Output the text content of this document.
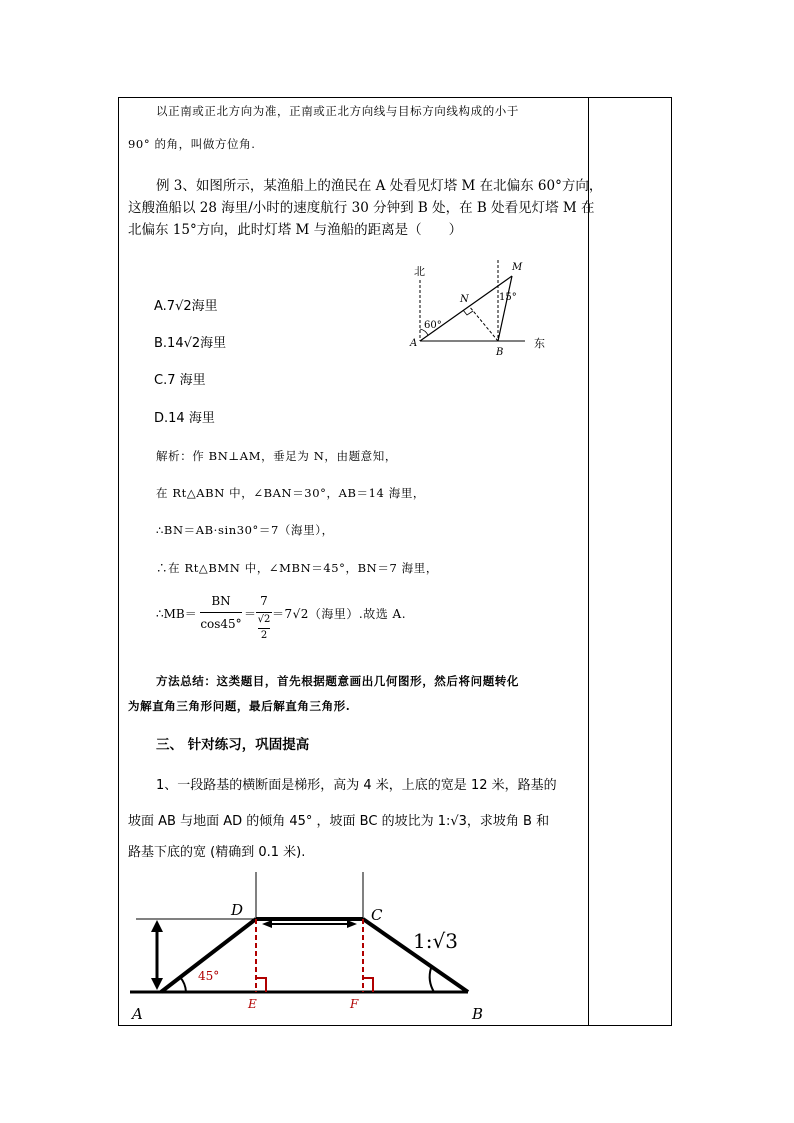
以正南或正北方向为准，正南或正北方向线与目标方向线构成的小于
90° 的角，叫做方位角.
例 3、如图所示，某渔船上的渔民在 A 处看见灯塔 M 在北偏东 60°方向，
这艘渔船以 28 海里/小时的速度航行 30 分钟到 B 处，在 B 处看见灯塔 M 在
北偏东 15°方向，此时灯塔 M 与渔船的距离是（　　）
A.7√2海里
B.14√2海里
C.7 海里
D.14 海里
北
东
A
B
M
N
60°
15°
解析：作 BN⊥AM，垂足为 N，由题意知，
在 Rt△ABN 中，∠BAN＝30°，AB＝14 海里，
∴BN＝AB·sin30°＝7（海里），
∴在 Rt△BMN 中，∠MBN＝45°，BN＝7 海里，
∴MB＝
BN
cos45°
＝
7
√2
2
＝7√2（海里）.故选 A.
方法总结：这类题目，首先根据题意画出几何图形，然后将问题转化
为解直角三角形问题，最后解直角三角形.
三、 针对练习，巩固提高
1、一段路基的横断面是梯形，高为 4 米，上底的宽是 12 米，路基的
坡面 AB 与地面 AD 的倾角 45° ，坡面 BC 的坡比为 1:√3，求坡角 B 和
路基下底的宽 (精确到 0.1 米).
45°
A	B
D	C
E	F
1:√3
